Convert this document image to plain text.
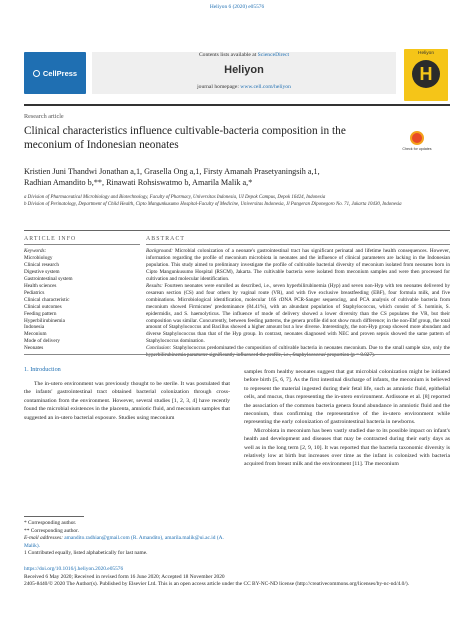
Heliyon 6 (2020) e05576
CellPress
Contents lists available at ScienceDirect
Heliyon
journal homepage: www.cell.com/heliyon
Heliyon
H
Research article
Clinical characteristics influence cultivable-bacteria composition in the meconium of Indonesian neonates	Check for updates
Kristien Juni Thandwi Jonathan a,1, Grasella Ong a,1, Firsty Amanah Prasetyaningsih a,1,
Radhian Amandito b,**, Rinawati Rohsiswatmo b, Amarila Malik a,*
a Division of Pharmaceutical Microbiology and Biotechnology, Faculty of Pharmacy, Universitas Indonesia, UI Depok Campus, Depok 16424, Indonesia
b Division of Perinatology, Department of Child Health, Cipto Mangunkusumo Hospital-Faculty of Medicine, Universitas Indonesia, Jl Pangeran Diponegoro No. 71, Jakarta 10430, Indonesia
ARTICLE INFO	ABSTRACT
Keywords:
Microbiology
Clinical research
Digestive system
Gastrointestinal system
Health sciences
Pediatrics
Clinical characteristic
Clinical outcomes
Feeding pattern
Hyperbilirubinemia
Indonesia
Meconium
Mode of delivery
Neonates

Background: Microbial colonization of a neonate's gastrointestinal tract has significant perinatal and lifetime health consequences. However, information regarding the profile of meconium microbiota in neonates and the influence of clinical parameters are lacking in the Indonesian population. This study aimed to preliminary investigate the profile of cultivable bacterial diversity of meconium isolated from neonates born in Cipto Mangunkusumo Hospital (RSCM), Jakarta. The cultivable bacteria were isolated from meconium samples and were then processed for cultivation and molecular identification.

Results: Fourteen neonates were enrolled as described, i.e., seven hyperbilirubinemia (Hyp) and seven non-Hyp with ten neonates delivered by cesarean section (CS) and four others by vaginal route (VR), and with five exclusive breastfeeding (EBF), four formula milk, and five combinations. Microbiological identification, molecular 16S rDNA PCR-Sanger sequencing, and PCA analysis of cultivable bacteria from meconium showed Firmicutes' predominance (84.41%), with an abundant population of Staphylococcus, which consist of S. hominis, S. epidermidis, and S. haemolyticus. The influence of mode of delivery showed a lower diversity than the CS populates the VR, but their composition was similar. Concurrently, between feeding patterns, the genera profile did not show much difference; in the non-Ebf group, the total amount of Staphylococcus and Bacillus showed a higher amount but a low diverse. Interestingly, the non-Hyp group showed more abundant and diverse Staphylococcus than that of the Hyp group. In contrast, neonates diagnosed with NEC and proven sepsis showed the same pattern of Staphylococcus domination.

Conclusion: Staphylococcus predominated the composition of cultivable bacteria in neonates meconium. Due to the small sample size, only the hyperbilirubinemia parameter significantly influenced the profile, i.e., Staphylococcus' proportion (p = 0.027).

1. Introduction

The in-utero environment was previously thought to be sterile. It was postulated that the infants' gastrointestinal tract obtained bacterial colonization through cross-contamination from the environment. However, several studies [1, 2, 3, 4] have recently found the microbial existences in the placenta, amniotic fluid, and meconium samples that suggested an in-utero bacterial exposure. Studies using meconium

samples from healthy neonates suggest that gut microbial colonization might be initiated before birth [5, 6, 7]. As the first intestinal discharge of infants, the meconium is believed to represent the material ingested during their fetal life, such as amniotic fluid, epithelial cells, and mucus, thus representing the in-utero environment. Ardissone et al. [8] reported the association of the common bacteria genera found abundance in amniotic fluid and the meconium, thus confirming the representative of the in-utero environment while representing the early colonization of gastrointestinal bacteria in newborns.

Microbiota in meconium has been vastly studied due to its possible impact on infant's health and development and diseases that may be contracted during their early days as well as in the long term [2, 9, 10]. It was reported that the bacteria taxonomic diversity is relatively low at birth but increases over time as the infant is colonized with bacteria acquired from breast milk and the environment [11]. The meconium

* Corresponding author.
** Corresponding author.
E-mail addresses: amandito.radhian@gmail.com (R. Amandito), amarila.malik@ui.ac.id (A. Malik).
1 Contributed equally, listed alphabetically for last name.
https://doi.org/10.1016/j.heliyon.2020.e05576
Received 6 May 2020; Received in revised form 16 June 2020; Accepted 18 November 2020
2405-8440/© 2020 The Author(s). Published by Elsevier Ltd. This is an open access article under the CC BY-NC-ND license (http://creativecommons.org/licenses/by-nc-nd/4.0/).
